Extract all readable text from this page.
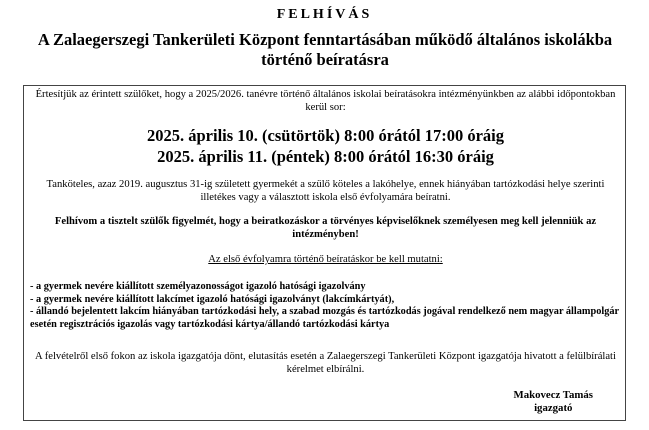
FELHÍVÁS
A Zalaegerszegi Tankerületi Központ fenntartásában működő általános iskolákba történő beíratásra
Értesítjük az érintett szülőket, hogy a 2025/2026. tanévre történő általános iskolai beíratásokra intézményünkben az alábbi időpontokban kerül sor:
2025. április 10. (csütörtök) 8:00 órától 17:00 óráig
2025. április 11. (péntek) 8:00 órától 16:30 óráig
Tanköteles, azaz 2019. augusztus 31-ig született gyermekét a szülő köteles a lakóhelye, ennek hiányában tartózkodási helye szerinti illetékes vagy a választott iskola első évfolyamára beíratni.
Felhívom a tisztelt szülők figyelmét, hogy a beiratkozáskor a törvényes képviselőknek személyesen meg kell jelenniük az intézményben!
Az első évfolyamra történő beíratáskor be kell mutatni:
- a gyermek nevére kiállított személyazonosságot igazoló hatósági igazolvány
- a gyermek nevére kiállított lakcímet igazoló hatósági igazolványt (lakcímkártyát),
- állandó bejelentett lakcím hiányában tartózkodási hely, a szabad mozgás és tartózkodás jogával rendelkező nem magyar állampolgár esetén regisztrációs igazolás vagy tartózkodási kártya/állandó tartózkodási kártya
A felvételről első fokon az iskola igazgatója dönt, elutasítás esetén a Zalaegerszegi Tankerületi Központ igazgatója hivatott a felülbírálati kérelmet elbírálni.
Makovecz Tamás
igazgató
